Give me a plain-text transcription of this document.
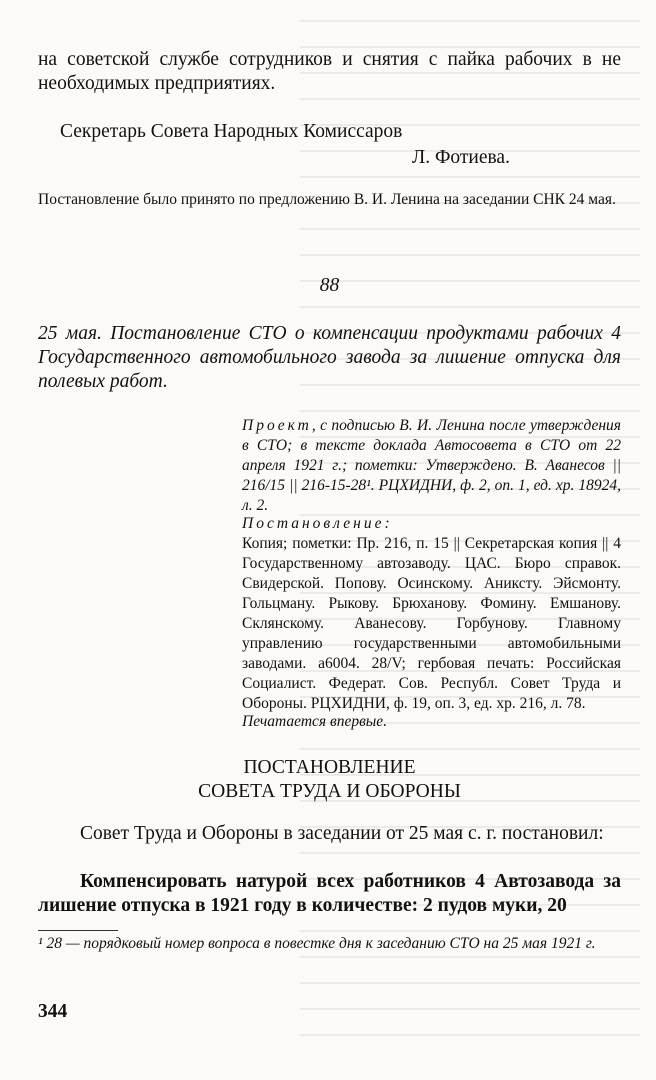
на советской службе сотрудников и снятия с пайка рабочих в не необходимых предприятиях.

Секретарь Совета Народных Комиссаров

Л. Фотиева.

Постановление было принято по предложению В. И. Ленина на заседании СНК 24 мая.

88

25 мая. Постановление СТО о компенсации продуктами рабочих 4 Государственного автомобильного завода за лишение отпуска для полевых работ.

Проект, с подписью В. И. Ленина после утверждения в СТО; в тексте доклада Автосовета в СТО от 22 апреля 1921 г.; пометки: Утверждено. В. Аванесов || 216/15 || 216-15-28¹. РЦХИДНИ, ф. 2, оп. 1, ед. хр. 18924, л. 2.
Постановление:
Копия; пометки: Пр. 216, п. 15 || Секретарская копия || 4 Государственному автозаводу. ЦАС. Бюро справок. Свидерской. Попову. Осинскому. Аниксту. Эйсмонту. Гольцману. Рыкову. Брюханову. Фомину. Емшанову. Склянскому. Аванесову. Горбунову. Главному управлению государственными автомобильными заводами. а6004. 28/V; гербовая печать: Российская Социалист. Федерат. Сов. Республ. Совет Труда и Обороны. РЦХИДНИ, ф. 19, оп. 3, ед. хр. 216, л. 78.

Печатается впервые.

ПОСТАНОВЛЕНИЕ

СОВЕТА ТРУДА И ОБОРОНЫ

Совет Труда и Обороны в заседании от 25 мая с. г. постановил:

Компенсировать натурой всех работников 4 Автозавода за лишение отпуска в 1921 году в количестве: 2 пудов муки, 20

¹ 28 — порядковый номер вопроса в повестке дня к заседанию СТО на 25 мая 1921 г.

344
